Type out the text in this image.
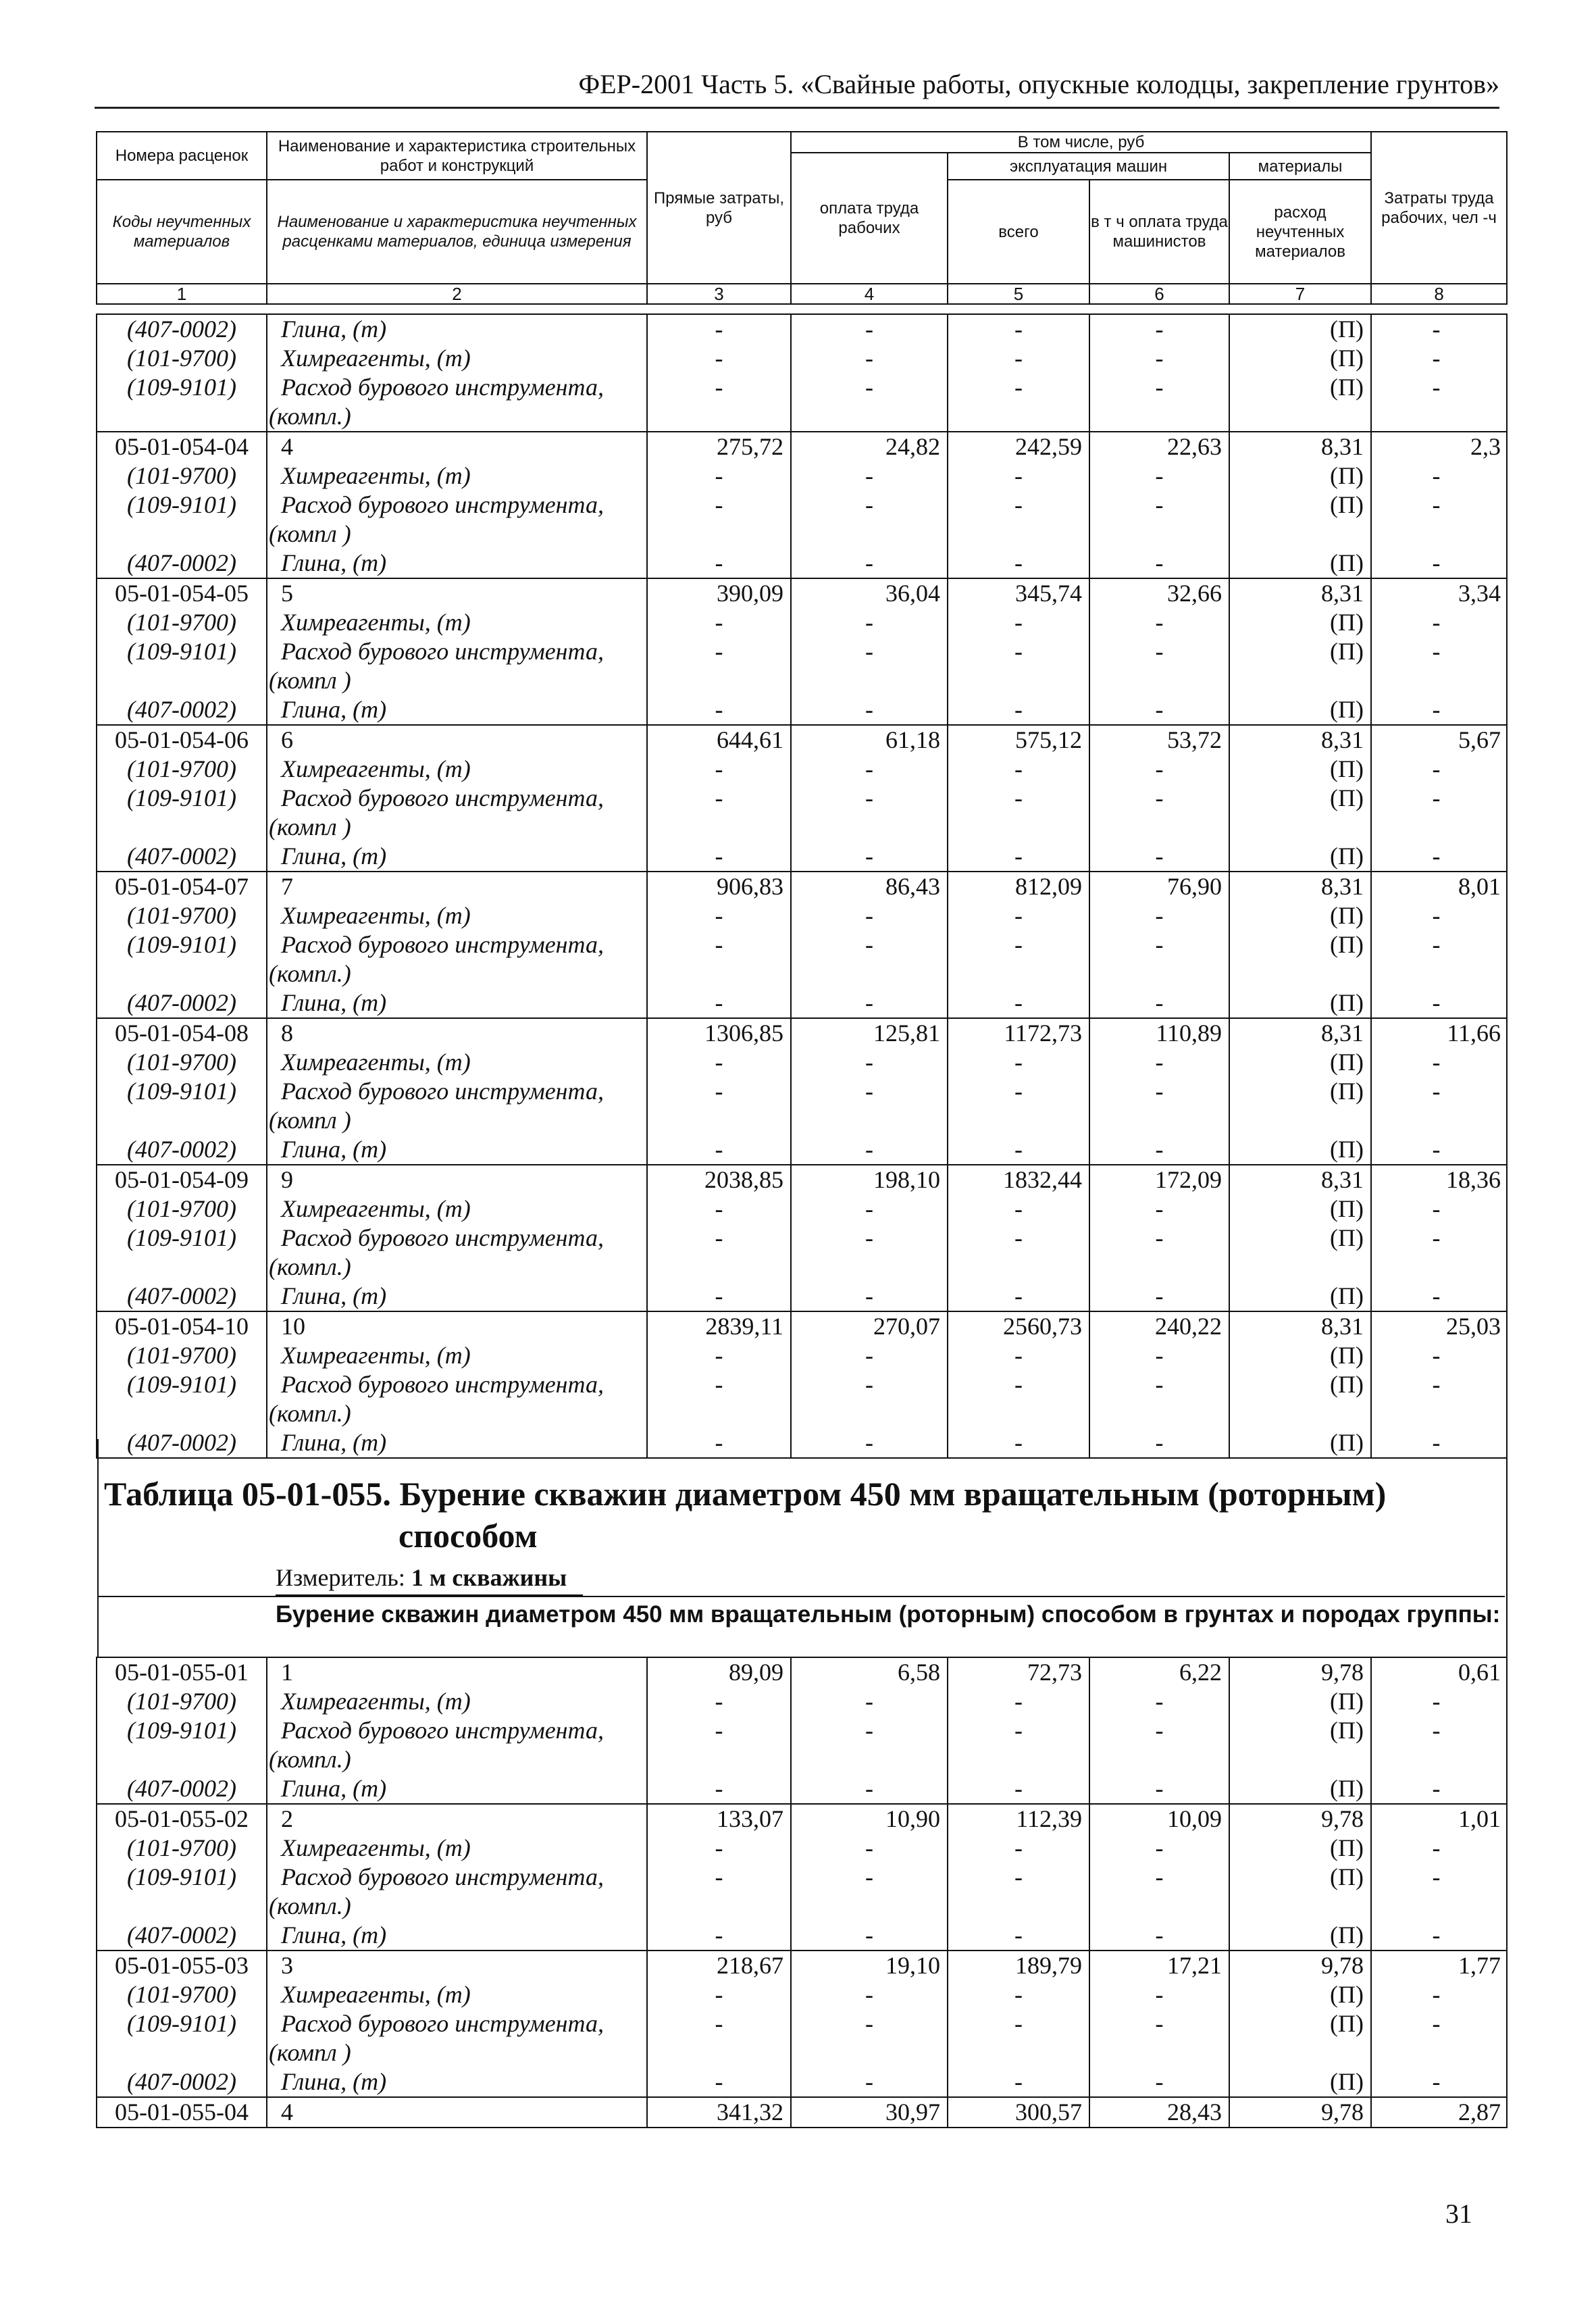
ФЕР-2001 Часть 5. «Свайные работы, опускные колодцы, закрепление грунтов»
Номера расценок	Наименование и характеристика строительных работ и конструкций	Прямые затраты, руб	В том числе, руб				Затраты труда рабочих, чел -ч
			оплата труда рабочих	эксплуатация машин		материалы	
Коды неучтенных материалов	Наименование и характеристика неучтенных расценками материалов, единица измерения			всего	в т ч оплата труда машинистов	расход неучтенных материалов	

1	2	3	4	5	6	7	8
(407-0002)	Глина, (т)	-	-	-	-	(П)	-
(101-9700)	Химреагенты, (т)	-	-	-	-	(П)	-
(109-9101)	Расход бурового инструмента,	-	-	-	-	(П)	-
	(компл.)						
05-01-054-04	4	275,72	24,82	242,59	22,63	8,31	2,3
(101-9700)	Химреагенты, (т)	-	-	-	-	(П)	-
(109-9101)	Расход бурового инструмента,	-	-	-	-	(П)	-
	(компл )						
(407-0002)	Глина, (т)	-	-	-	-	(П)	-
05-01-054-05	5	390,09	36,04	345,74	32,66	8,31	3,34
(101-9700)	Химреагенты, (т)	-	-	-	-	(П)	-
(109-9101)	Расход бурового инструмента,	-	-	-	-	(П)	-
	(компл )						
(407-0002)	Глина, (т)	-	-	-	-	(П)	-
05-01-054-06	6	644,61	61,18	575,12	53,72	8,31	5,67
(101-9700)	Химреагенты, (т)	-	-	-	-	(П)	-
(109-9101)	Расход бурового инструмента,	-	-	-	-	(П)	-
	(компл )						
(407-0002)	Глина, (т)	-	-	-	-	(П)	-
05-01-054-07	7	906,83	86,43	812,09	76,90	8,31	8,01
(101-9700)	Химреагенты, (т)	-	-	-	-	(П)	-
(109-9101)	Расход бурового инструмента,	-	-	-	-	(П)	-
	(компл.)						
(407-0002)	Глина, (т)	-	-	-	-	(П)	-
05-01-054-08	8	1306,85	125,81	1172,73	110,89	8,31	11,66
(101-9700)	Химреагенты, (т)	-	-	-	-	(П)	-
(109-9101)	Расход бурового инструмента,	-	-	-	-	(П)	-
	(компл )						
(407-0002)	Глина, (т)	-	-	-	-	(П)	-
05-01-054-09	9	2038,85	198,10	1832,44	172,09	8,31	18,36
(101-9700)	Химреагенты, (т)	-	-	-	-	(П)	-
(109-9101)	Расход бурового инструмента,	-	-	-	-	(П)	-
	(компл.)						
(407-0002)	Глина, (т)	-	-	-	-	(П)	-
05-01-054-10	10	2839,11	270,07	2560,73	240,22	8,31	25,03
(101-9700)	Химреагенты, (т)	-	-	-	-	(П)	-
(109-9101)	Расход бурового инструмента,	-	-	-	-	(П)	-
	(компл.)						
(407-0002)	Глина, (т)	-	-	-	-	(П)	-
Таблица 05-01-055. Бурение скважин диаметром 450 мм вращательным (роторным)
способом
Измеритель: 1 м скважины
Бурение скважин диаметром 450 мм вращательным (роторным) способом в грунтах и породах группы:
05-01-055-01	1	89,09	6,58	72,73	6,22	9,78	0,61
(101-9700)	Химреагенты, (т)	-	-	-	-	(П)	-
(109-9101)	Расход бурового инструмента,	-	-	-	-	(П)	-
	(компл.)						
(407-0002)	Глина, (т)	-	-	-	-	(П)	-
05-01-055-02	2	133,07	10,90	112,39	10,09	9,78	1,01
(101-9700)	Химреагенты, (т)	-	-	-	-	(П)	-
(109-9101)	Расход бурового инструмента,	-	-	-	-	(П)	-
	(компл.)						
(407-0002)	Глина, (т)	-	-	-	-	(П)	-
05-01-055-03	3	218,67	19,10	189,79	17,21	9,78	1,77
(101-9700)	Химреагенты, (т)	-	-	-	-	(П)	-
(109-9101)	Расход бурового инструмента,	-	-	-	-	(П)	-
	(компл )						
(407-0002)	Глина, (т)	-	-	-	-	(П)	-
05-01-055-04	4	341,32	30,97	300,57	28,43	9,78	2,87
31
